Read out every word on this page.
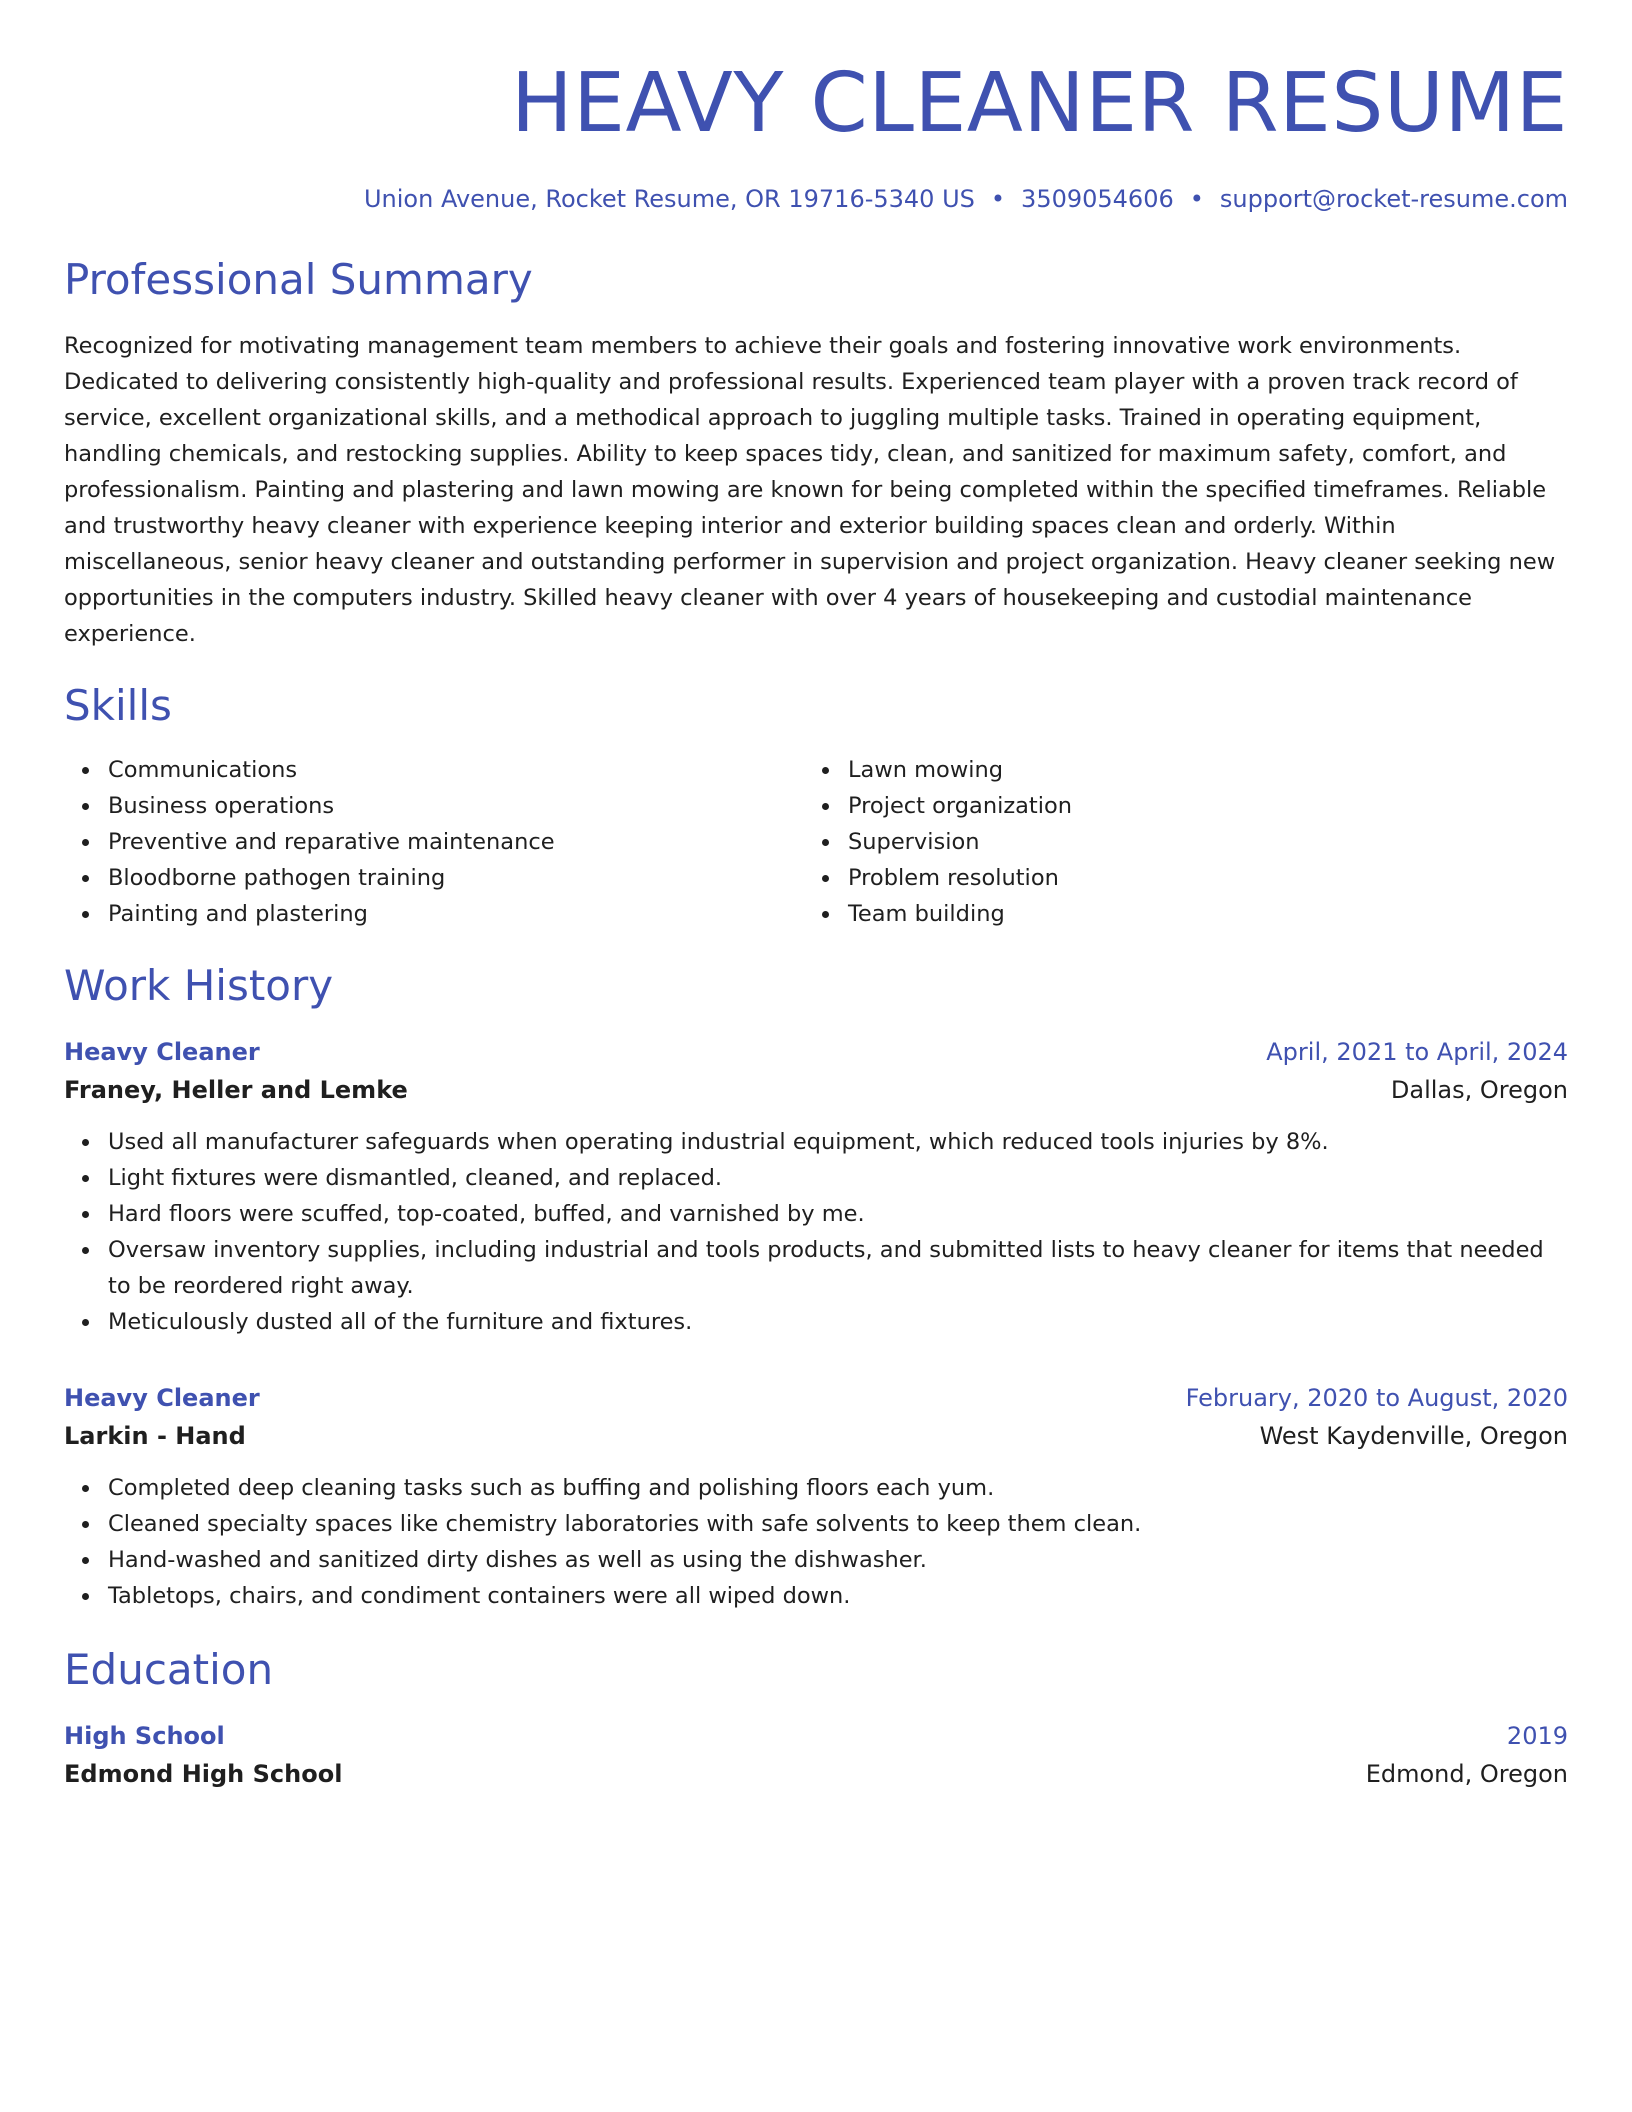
HEAVY CLEANER RESUME
Union Avenue, Rocket Resume, OR 19716-5340 US • 3509054606 • support@rocket-resume.com
Professional Summary

Recognized for motivating management team members to achieve their goals and fostering innovative work environments. Dedicated to delivering consistently high-quality and professional results. Experienced team player with a proven track record of service, excellent organizational skills, and a methodical approach to juggling multiple tasks. Trained in operating equipment, handling chemicals, and restocking supplies. Ability to keep spaces tidy, clean, and sanitized for maximum safety, comfort, and professionalism. Painting and plastering and lawn mowing are known for being completed within the specified timeframes. Reliable and trustworthy heavy cleaner with experience keeping interior and exterior building spaces clean and orderly. Within miscellaneous, senior heavy cleaner and outstanding performer in supervision and project organization. Heavy cleaner seeking new opportunities in the computers industry. Skilled heavy cleaner with over 4 years of housekeeping and custodial maintenance experience.

Skills
Communications
Business operations
Preventive and reparative maintenance
Bloodborne pathogen training
Painting and plastering
Lawn mowing
Project organization
Supervision
Problem resolution
Team building
Work History
Heavy Cleaner	April, 2021 to April, 2024
Franey, Heller and Lemke	Dallas, Oregon
Used all manufacturer safeguards when operating industrial equipment, which reduced tools injuries by 8%.
Light fixtures were dismantled, cleaned, and replaced.
Hard floors were scuffed, top-coated, buffed, and varnished by me.
Oversaw inventory supplies, including industrial and tools products, and submitted lists to heavy cleaner for items that needed to be reordered right away.
Meticulously dusted all of the furniture and fixtures.
Heavy Cleaner	February, 2020 to August, 2020
Larkin - Hand	West Kaydenville, Oregon
Completed deep cleaning tasks such as buffing and polishing floors each yum.
Cleaned specialty spaces like chemistry laboratories with safe solvents to keep them clean.
Hand-washed and sanitized dirty dishes as well as using the dishwasher.
Tabletops, chairs, and condiment containers were all wiped down.
Education
High School	2019
Edmond High School	Edmond, Oregon
